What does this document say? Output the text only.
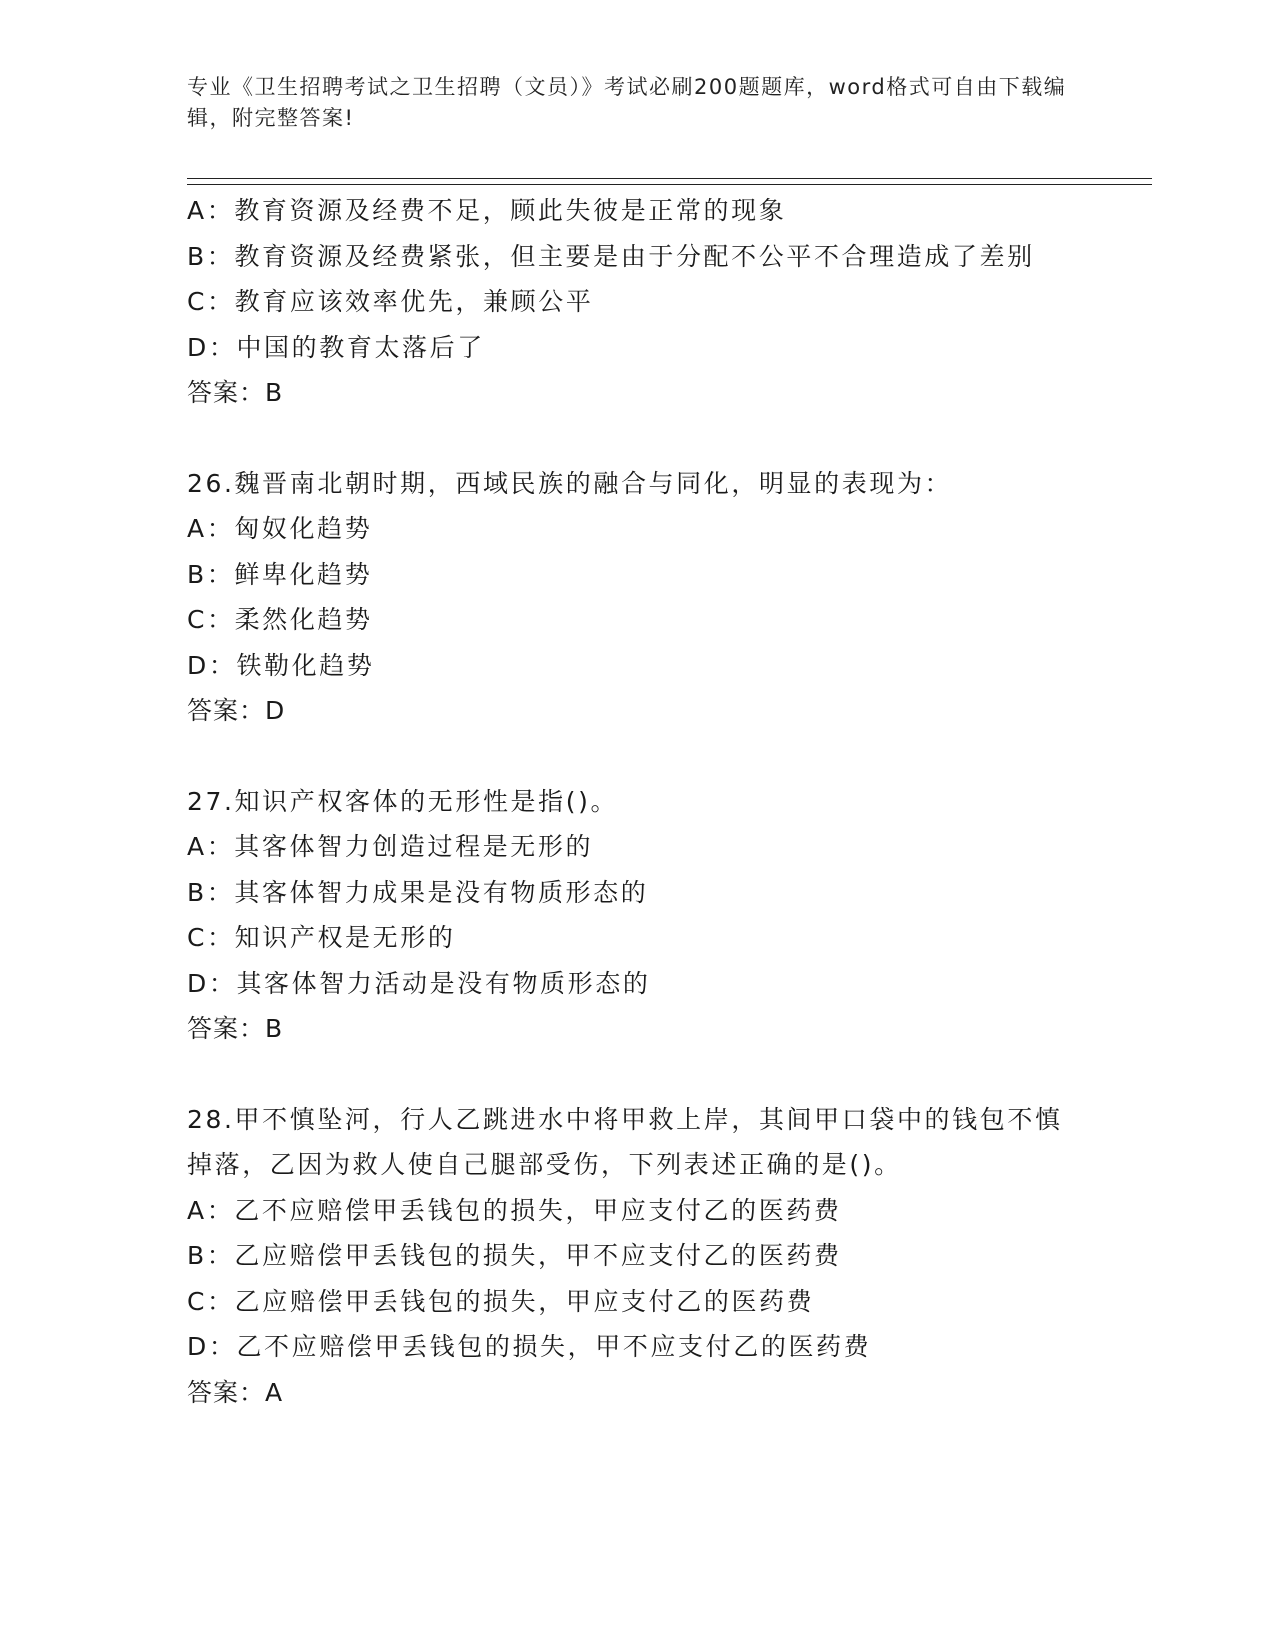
专业《卫生招聘考试之卫生招聘（文员）》考试必刷200题题库，word格式可自由下载编辑，附完整答案!
A：教育资源及经费不足，顾此失彼是正常的现象
B：教育资源及经费紧张，但主要是由于分配不公平不合理造成了差别
C：教育应该效率优先，兼顾公平
D：中国的教育太落后了
答案：B
26.魏晋南北朝时期，西域民族的融合与同化，明显的表现为：
A：匈奴化趋势
B：鲜卑化趋势
C：柔然化趋势
D：铁勒化趋势
答案：D
27.知识产权客体的无形性是指()。
A：其客体智力创造过程是无形的
B：其客体智力成果是没有物质形态的
C：知识产权是无形的
D：其客体智力活动是没有物质形态的
答案：B
28.甲不慎坠河，行人乙跳进水中将甲救上岸，其间甲口袋中的钱包不慎掉落，乙因为救人使自己腿部受伤，下列表述正确的是()。
A：乙不应赔偿甲丢钱包的损失，甲应支付乙的医药费
B：乙应赔偿甲丢钱包的损失，甲不应支付乙的医药费
C：乙应赔偿甲丢钱包的损失，甲应支付乙的医药费
D：乙不应赔偿甲丢钱包的损失，甲不应支付乙的医药费
答案：A
